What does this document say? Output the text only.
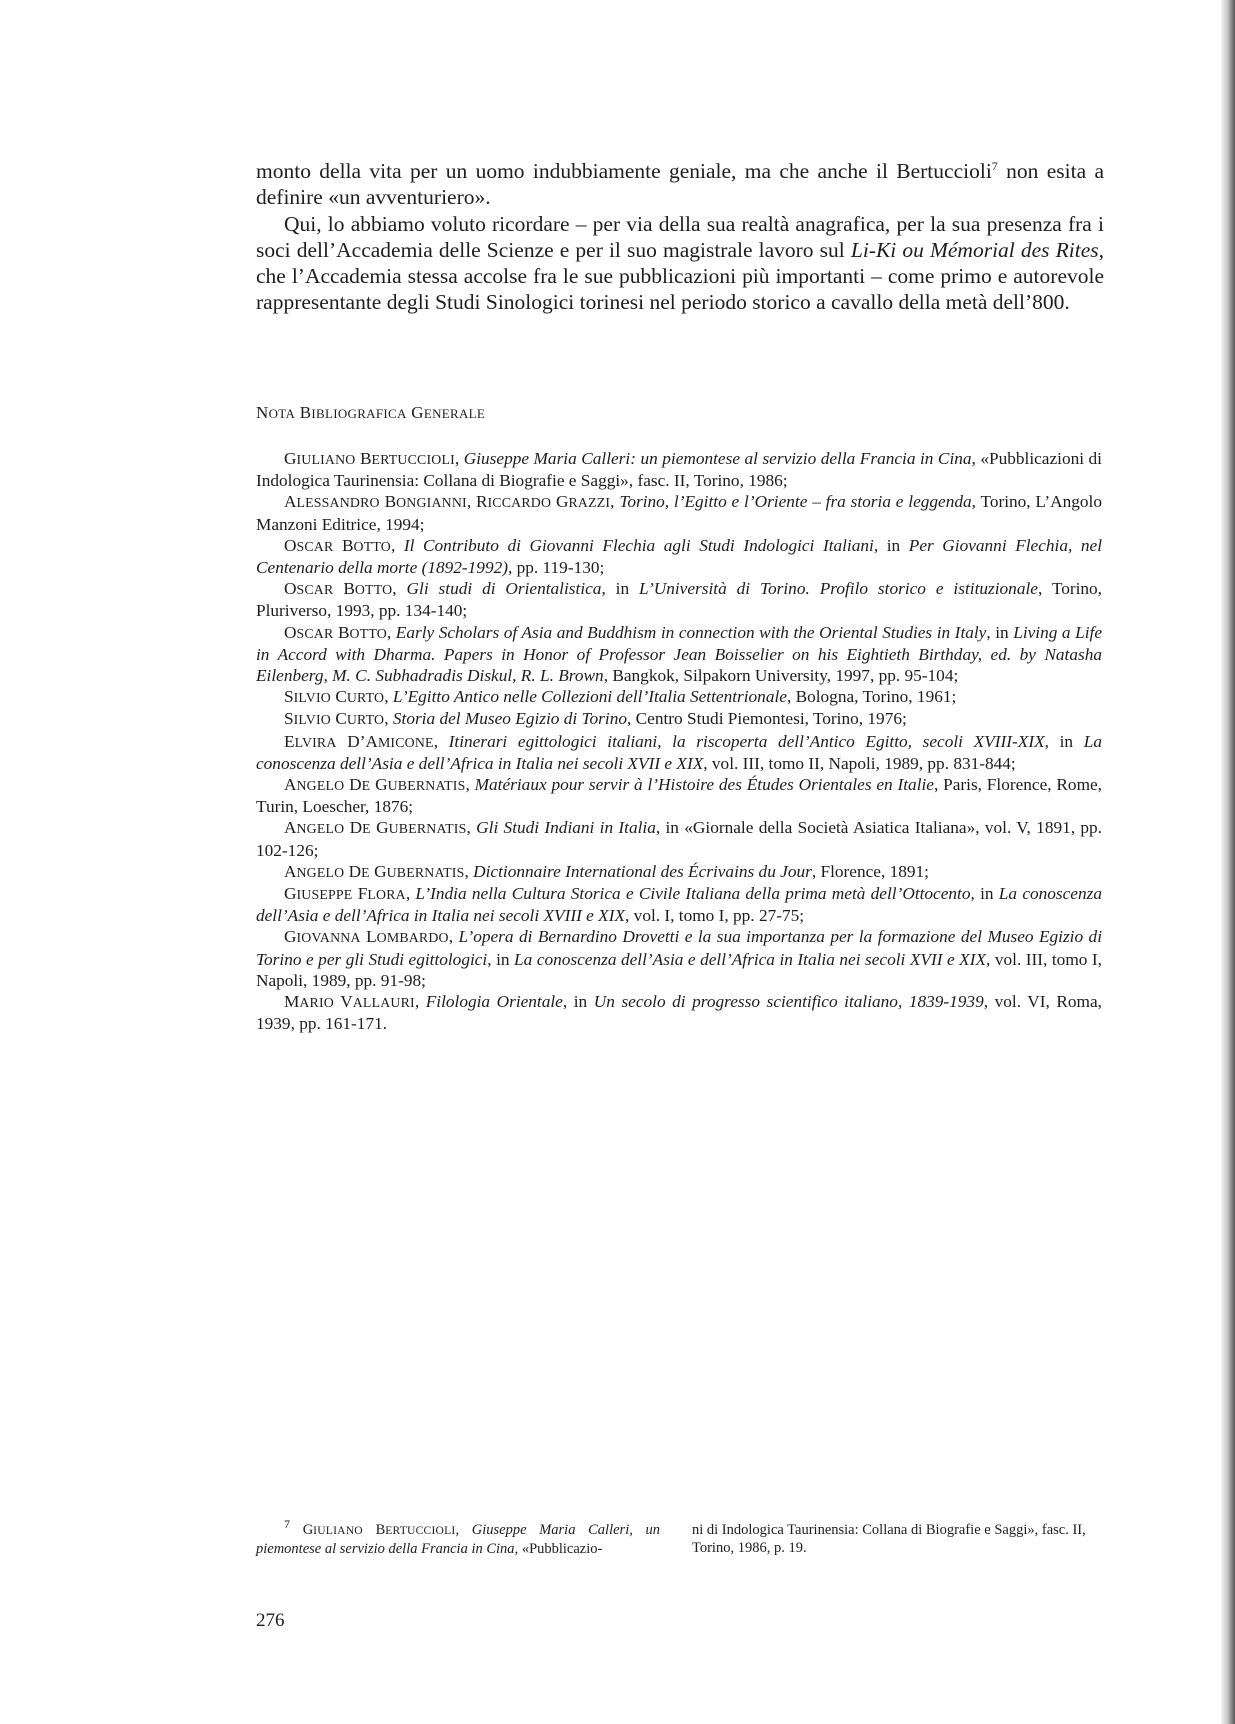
monto della vita per un uomo indubbiamente geniale, ma che anche il Bertuccioli$^7$ non esita a definire «un avventuriero».

Qui, lo abbiamo voluto ricordare – per via della sua realtà anagrafica, per la sua presenza fra i soci dell’Accademia delle Scienze e per il suo magistrale lavoro sul Li-Ki ou Mémorial des Rites, che l’Accademia stessa accolse fra le sue pubblicazioni più importanti – come primo e autorevole rappresentante degli Studi Sinologici torinesi nel periodo storico a cavallo della metà dell’800.

NOTA BIBLIOGRAFICA GENERALE

GIULIANO BERTUCCIOLI, Giuseppe Maria Calleri: un piemontese al servizio della Francia in Cina, «Pubblicazioni di Indologica Taurinensia: Collana di Biografie e Saggi», fasc. II, Torino, 1986;

ALESSANDRO BONGIANNI, RICCARDO GRAZZI, Torino, l’Egitto e l’Oriente – fra storia e leggenda, Torino, L’Angolo Manzoni Editrice, 1994;

OSCAR BOTTO, Il Contributo di Giovanni Flechia agli Studi Indologici Italiani, in Per Giovanni Flechia, nel Centenario della morte (1892-1992), pp. 119-130;

OSCAR BOTTO, Gli studi di Orientalistica, in L’Università di Torino. Profilo storico e istituzionale, Torino, Pluriverso, 1993, pp. 134-140;

OSCAR BOTTO, Early Scholars of Asia and Buddhism in connection with the Oriental Studies in Italy, in Living a Life in Accord with Dharma. Papers in Honor of Professor Jean Boisselier on his Eightieth Birthday, ed. by Natasha Eilenberg, M. C. Subhadradis Diskul, R. L. Brown, Bangkok, Silpakorn University, 1997, pp. 95-104;

SILVIO CURTO, L’Egitto Antico nelle Collezioni dell’Italia Settentrionale, Bologna, Torino, 1961;

SILVIO CURTO, Storia del Museo Egizio di Torino, Centro Studi Piemontesi, Torino, 1976;

ELVIRA D’AMICONE, Itinerari egittologici italiani, la riscoperta dell’Antico Egitto, secoli XVIII-XIX, in La conoscenza dell’Asia e dell’Africa in Italia nei secoli XVII e XIX, vol. III, tomo II, Napoli, 1989, pp. 831-844;

ANGELO DE GUBERNATIS, Matériaux pour servir à l’Histoire des Études Orientales en Italie, Paris, Florence, Rome, Turin, Loescher, 1876;

ANGELO DE GUBERNATIS, Gli Studi Indiani in Italia, in «Giornale della Società Asiatica Italiana», vol. V, 1891, pp. 102-126;

ANGELO DE GUBERNATIS, Dictionnaire International des Écrivains du Jour, Florence, 1891;

GIUSEPPE FLORA, L’India nella Cultura Storica e Civile Italiana della prima metà dell’Ottocento, in La conoscenza dell’Asia e dell’Africa in Italia nei secoli XVIII e XIX, vol. I, tomo I, pp. 27-75;

GIOVANNA LOMBARDO, L’opera di Bernardino Drovetti e la sua importanza per la formazione del Museo Egizio di Torino e per gli Studi egittologici, in La conoscenza dell’Asia e dell’Africa in Italia nei secoli XVII e XIX, vol. III, tomo I, Napoli, 1989, pp. 91-98;

MARIO VALLAURI, Filologia Orientale, in Un secolo di progresso scientifico italiano, 1839-1939, vol. VI, Roma, 1939, pp. 161-171.

$^7$ GIULIANO BERTUCCIOLI, Giuseppe Maria Calleri, un piemontese al servizio della Francia in Cina, «Pubblicazio-
ni di Indologica Taurinensia: Collana di Biografie e Saggi», fasc. II, Torino, 1986, p. 19.
276
